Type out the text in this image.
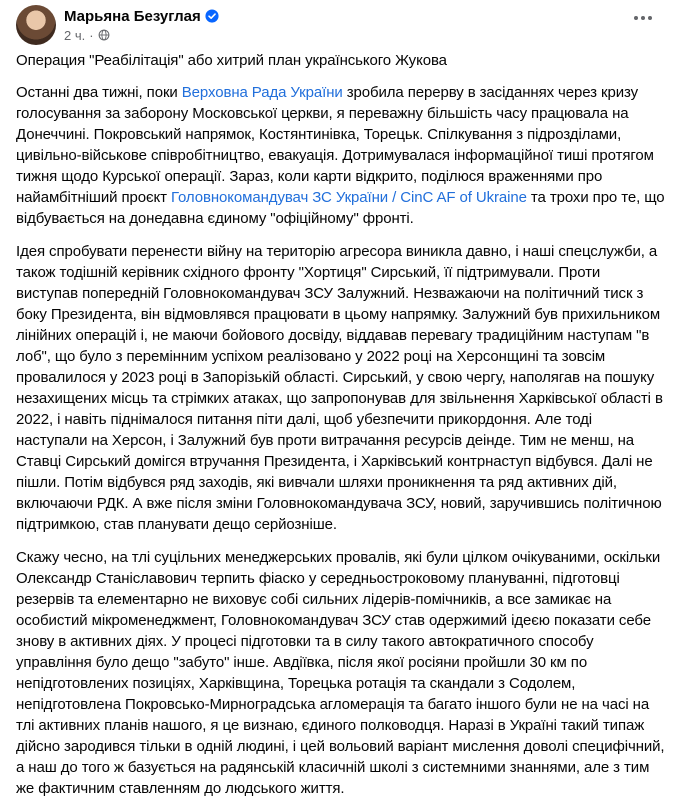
Марьяна Безуглая
2 ч. ·

Операция "Реабілітація" або хитрий план українського Жукова

Останні два тижні, поки Верховна Рада України зробила перерву в засіданнях через кризу голосування за заборону Московської церкви, я переважну більшість часу працювала на Донеччині. Покровський напрямок, Костянтинівка, Торецьк. Спілкування з підрозділами, цивільно-військове співробітництво, евакуація. Дотримувалася інформаційної тиші протягом тижня щодо Курської операції. Зараз, коли карти відкрито, поділюся враженнями про найамбітніший проєкт Головнокомандувач ЗС України / CinC AF of Ukraine та трохи про те, що відбувається на донедавна єдиному "офіційному" фронті.

Ідея спробувати перенести війну на територію агресора виникла давно, і наші спецслужби, а також тодішній керівник східного фронту "Хортиця" Сирський, її підтримували. Проти виступав попередній Головнокомандувач ЗСУ Залужний. Незважаючи на політичний тиск з боку Президента, він відмовлявся працювати в цьому напрямку. Залужний був прихильником лінійних операцій і, не маючи бойового досвіду, віддавав перевагу традиційним наступам "в лоб", що було з перемінним успіхом реалізовано у 2022 році на Херсонщині та зовсім провалилося у 2023 році в Запорізькій області. Сирський, у свою чергу, наполягав на пошуку незахищених місць та стрімких атаках, що запропонував для звільнення Харківської області в 2022, і навіть піднімалося питання піти далі, щоб убезпечити прикордоння. Але тоді наступали на Херсон, і Залужний був проти витрачання ресурсів деінде. Тим не менш, на Ставці Сирський домігся втручання Президента, і Харківський контрнаступ відбувся. Далі не пішли. Потім відбувся ряд заходів, які вивчали шляхи проникнення та ряд активних дій, включаючи РДК. А вже після зміни Головнокомандувача ЗСУ, новий, заручившись політичною підтримкою, став планувати дещо серйозніше.

Скажу чесно, на тлі суцільних менеджерських провалів, які були цілком очікуваними, оскільки Олександр Станіславович терпить фіаско у середньостроковому плануванні, підготовці резервів та елементарно не виховує собі сильних лідерів-помічників, а все замикає на особистий мікроменеджмент, Головнокомандувач ЗСУ став одержимий ідеєю показати себе знову в активних діях. У процесі підготовки та в силу такого автократичного способу управління було дещо "забуто" інше. Авдіївка, після якої росіяни пройшли 30 км по непідготовлених позиціях, Харківщина, Торецька ротація та скандали з Содолем, непідготовлена Покровсько-Мирноградська агломерація та багато іншого були не на часі на тлі активних планів нашого, я це визнаю, єдиного полководця. Наразі в Україні такий типаж дійсно зародився тільки в одній людині, і цей вольовий варіант мислення доволі специфічний, а наш до того ж базується на радянській класичній школі з системними знаннями, але з тим же фактичним ставленням до людського життя.
